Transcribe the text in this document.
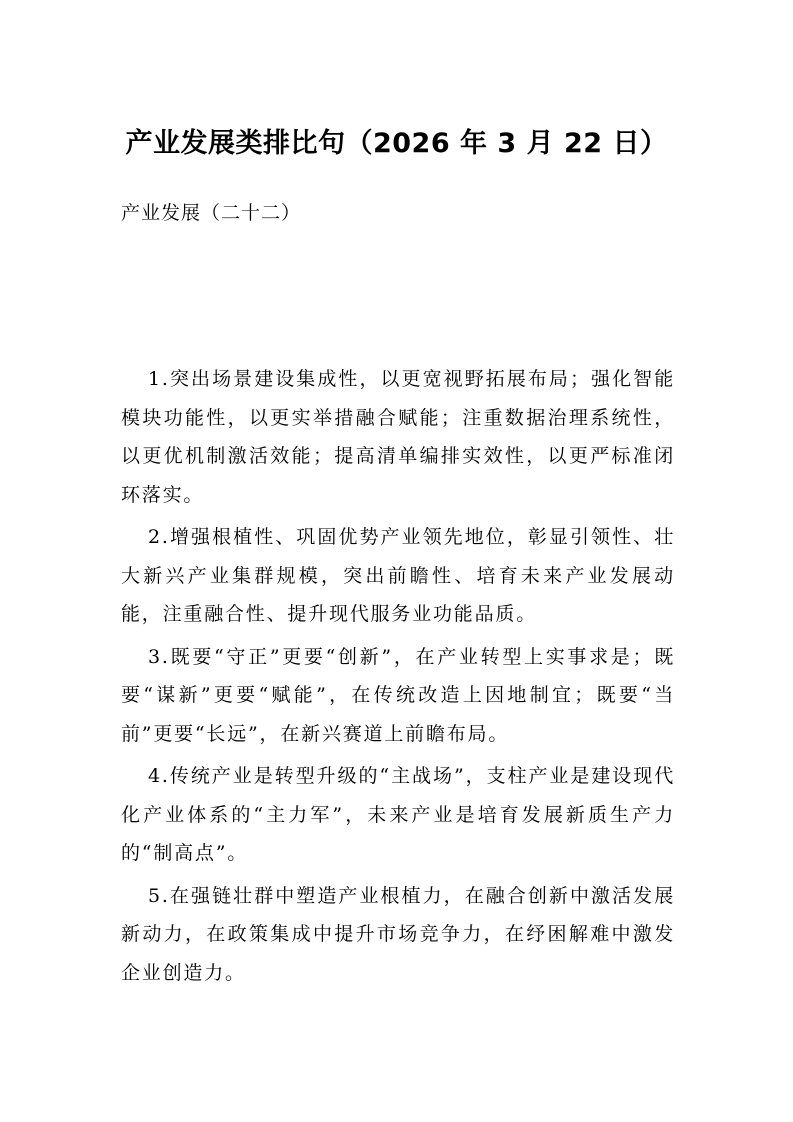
产业发展类排比句（2026 年 3 月 22 日）

产业发展（二十二）

1.突出场景建设集成性，以更宽视野拓展布局；强化智能模块功能性，以更实举措融合赋能；注重数据治理系统性，以更优机制激活效能；提高清单编排实效性，以更严标准闭环落实。

2.增强根植性、巩固优势产业领先地位，彰显引领性、壮大新兴产业集群规模，突出前瞻性、培育未来产业发展动能，注重融合性、提升现代服务业功能品质。

3.既要“守正”更要“创新”，在产业转型上实事求是；既要“谋新”更要“赋能”，在传统改造上因地制宜；既要“当前”更要“长远”，在新兴赛道上前瞻布局。

4.传统产业是转型升级的“主战场”，支柱产业是建设现代化产业体系的“主力军”，未来产业是培育发展新质生产力的“制高点”。

5.在强链壮群中塑造产业根植力，在融合创新中激活发展新动力，在政策集成中提升市场竞争力，在纾困解难中激发企业创造力。
